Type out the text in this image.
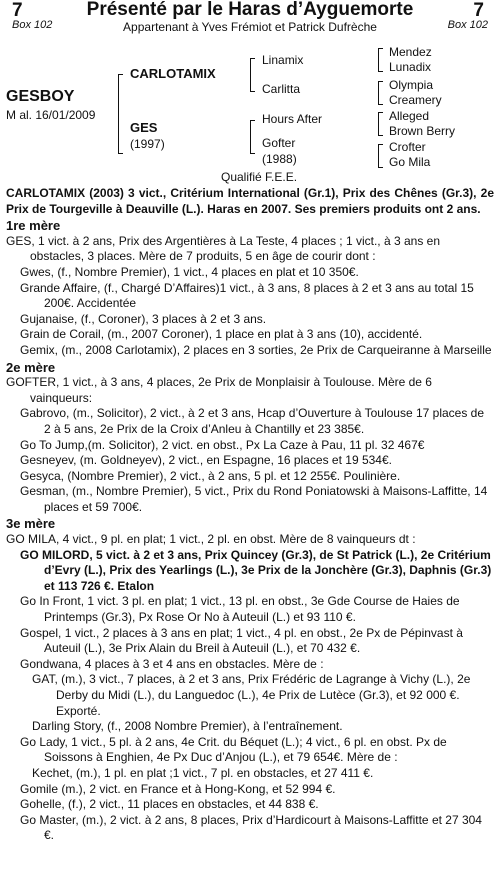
7
Box 102
Présenté par le Haras d’Ayguemorte
Appartenant à Yves Frémiot et Patrick Dufrèche
7
Box 102
GESBOY
M al. 16/01/2009
CARLOTAMIX
GES
(1997)
Linamix
Carlitta
Hours After
Gofter
(1988)
Mendez
Lunadix
Olympia
Creamery
Alleged
Brown Berry
Crofter
Go Mila
Qualifié F.E.E.

CARLOTAMIX (2003) 3 vict., Critérium International (Gr.1), Prix des Chênes (Gr.3), 2e Prix de Tourgeville à Deauville (L.). Haras en 2007. Ses premiers produits ont 2 ans.

1re mère

GES, 1 vict. à 2 ans, Prix des Argentières à La Teste, 4 places ; 1 vict., à 3 ans en obstacles, 3 places. Mère de 7 produits, 5 en âge de courir dont :

Gwes, (f., Nombre Premier), 1 vict., 4 places en plat et 10 350€.

Grande Affaire, (f., Chargé D’Affaires)1 vict., à 3 ans, 8 places à 2 et 3 ans au total 15 200€. Accidentée

Gujanaise, (f., Coroner), 3 places à 2 et 3 ans.

Grain de Corail, (m., 2007 Coroner), 1 place en plat à 3 ans (10), accidenté.

Gemix, (m., 2008 Carlotamix), 2 places en 3 sorties, 2e Prix de Carqueiranne à Marseille

2e mère

GOFTER, 1 vict., à 3 ans, 4 places, 2e Prix de Monplaisir à Toulouse. Mère de 6 vainqueurs:

Gabrovo, (m., Solicitor), 2 vict., à 2 et 3 ans, Hcap d’Ouverture à Toulouse 17 places de 2 à 5 ans, 2e Prix de la Croix d’Anleu à Chantilly et 23 385€.

Go To Jump,(m. Solicitor), 2 vict. en obst., Px La Caze à Pau, 11 pl. 32 467€

Gesneyev, (m. Goldneyev), 2 vict., en Espagne, 16 places et 19 534€.

Gesyca, (Nombre Premier), 2 vict., à 2 ans, 5 pl. et 12 255€. Poulinière.

Gesman, (m., Nombre Premier), 5 vict., Prix du Rond Poniatowski à Maisons-Laffitte, 14 places et 59 700€.

3e mère

GO MILA, 4 vict., 9 pl. en plat; 1 vict., 2 pl. en obst. Mère de 8 vainqueurs dt :

GO MILORD, 5 vict. à 2 et 3 ans, Prix Quincey (Gr.3), de St Patrick (L.), 2e Critérium d’Evry (L.), Prix des Yearlings (L.), 3e Prix de la Jonchère (Gr.3), Daphnis (Gr.3) et 113 726 €. Etalon

Go In Front, 1 vict. 3 pl. en plat; 1 vict., 13 pl. en obst., 3e Gde Course de Haies de Printemps (Gr.3), Px Rose Or No à Auteuil (L.) et 93 110 €.

Gospel, 1 vict., 2 places à 3 ans en plat; 1 vict., 4 pl. en obst., 2e Px de Pépinvast à Auteuil (L.), 3e Prix Alain du Breil à Auteuil (L.), et 70 432 €.

Gondwana, 4 places à 3 et 4 ans en obstacles. Mère de :

GAT, (m.), 3 vict., 7 places, à 2 et 3 ans, Prix Frédéric de Lagrange à Vichy (L.), 2e Derby du Midi (L.), du Languedoc (L.), 4e Prix de Lutèce (Gr.3), et 92 000 €. Exporté.

Darling Story, (f., 2008 Nombre Premier), à l’entraînement.

Go Lady, 1 vict., 5 pl. à 2 ans, 4e Crit. du Béquet (L.); 4 vict., 6 pl. en obst. Px de Soissons à Enghien, 4e Px Duc d’Anjou (L.), et 79 654€. Mère de :

Kechet, (m.), 1 pl. en plat ;1 vict., 7 pl. en obstacles, et 27 411 €.

Gomile (m.), 2 vict. en France et à Hong-Kong, et 52 994 €.

Gohelle, (f.), 2 vict., 11 places en obstacles, et 44 838 €.

Go Master, (m.), 2 vict. à 2 ans, 8 places, Prix d’Hardicourt à Maisons-Laffitte et 27 304 €.
